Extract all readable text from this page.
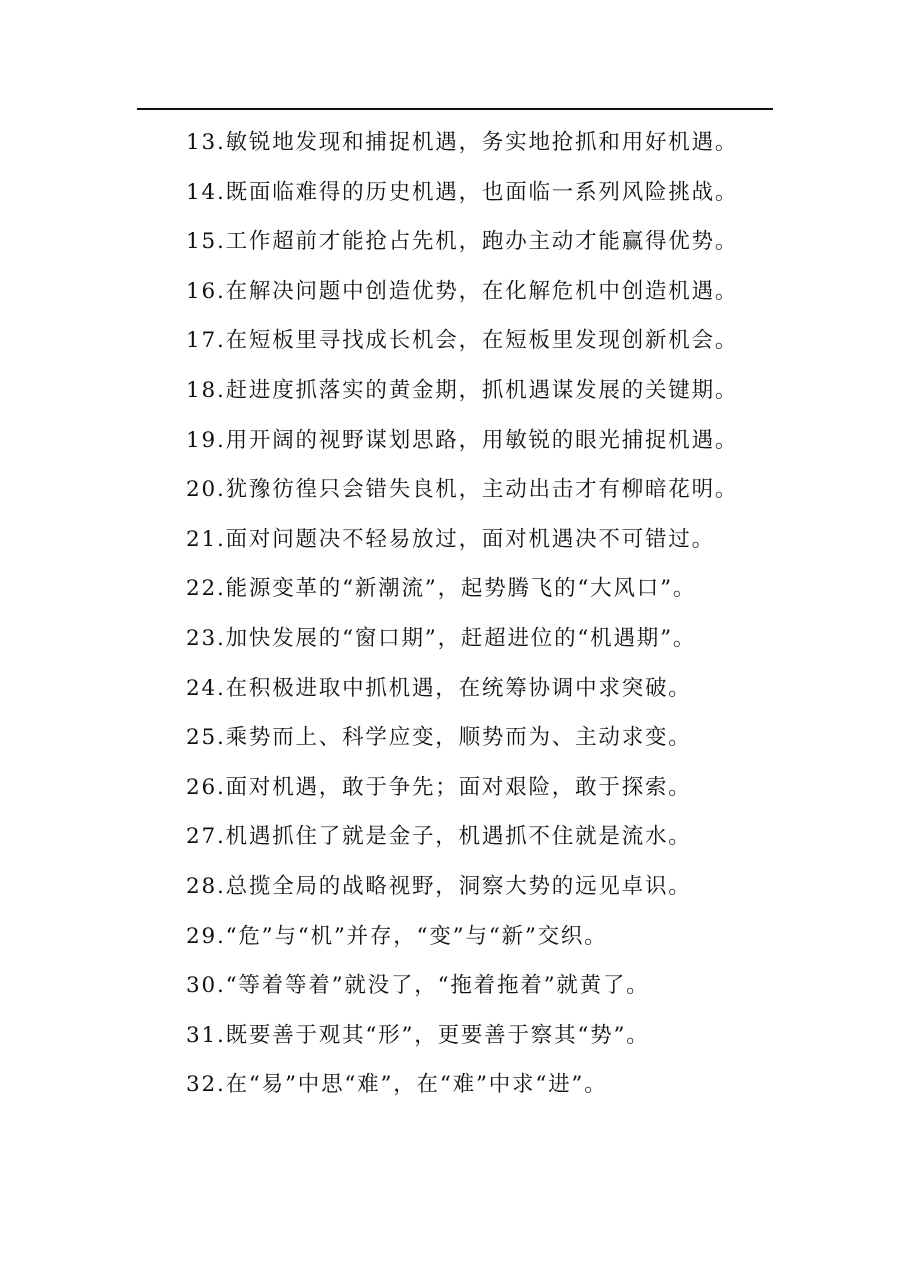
13.敏锐地发现和捕捉机遇，务实地抢抓和用好机遇。
14.既面临难得的历史机遇，也面临一系列风险挑战。
15.工作超前才能抢占先机，跑办主动才能赢得优势。
16.在解决问题中创造优势，在化解危机中创造机遇。
17.在短板里寻找成长机会，在短板里发现创新机会。
18.赶进度抓落实的黄金期，抓机遇谋发展的关键期。
19.用开阔的视野谋划思路，用敏锐的眼光捕捉机遇。
20.犹豫彷徨只会错失良机，主动出击才有柳暗花明。
21.面对问题决不轻易放过，面对机遇决不可错过。
22.能源变革的“新潮流”，起势腾飞的“大风口”。
23.加快发展的“窗口期”，赶超进位的“机遇期”。
24.在积极进取中抓机遇，在统筹协调中求突破。
25.乘势而上、科学应变，顺势而为、主动求变。
26.面对机遇，敢于争先；面对艰险，敢于探索。
27.机遇抓住了就是金子，机遇抓不住就是流水。
28.总揽全局的战略视野，洞察大势的远见卓识。
29.“危”与“机”并存，“变”与“新”交织。
30.“等着等着”就没了，“拖着拖着”就黄了。
31.既要善于观其“形”，更要善于察其“势”。
32.在“易”中思“难”，在“难”中求“进”。
